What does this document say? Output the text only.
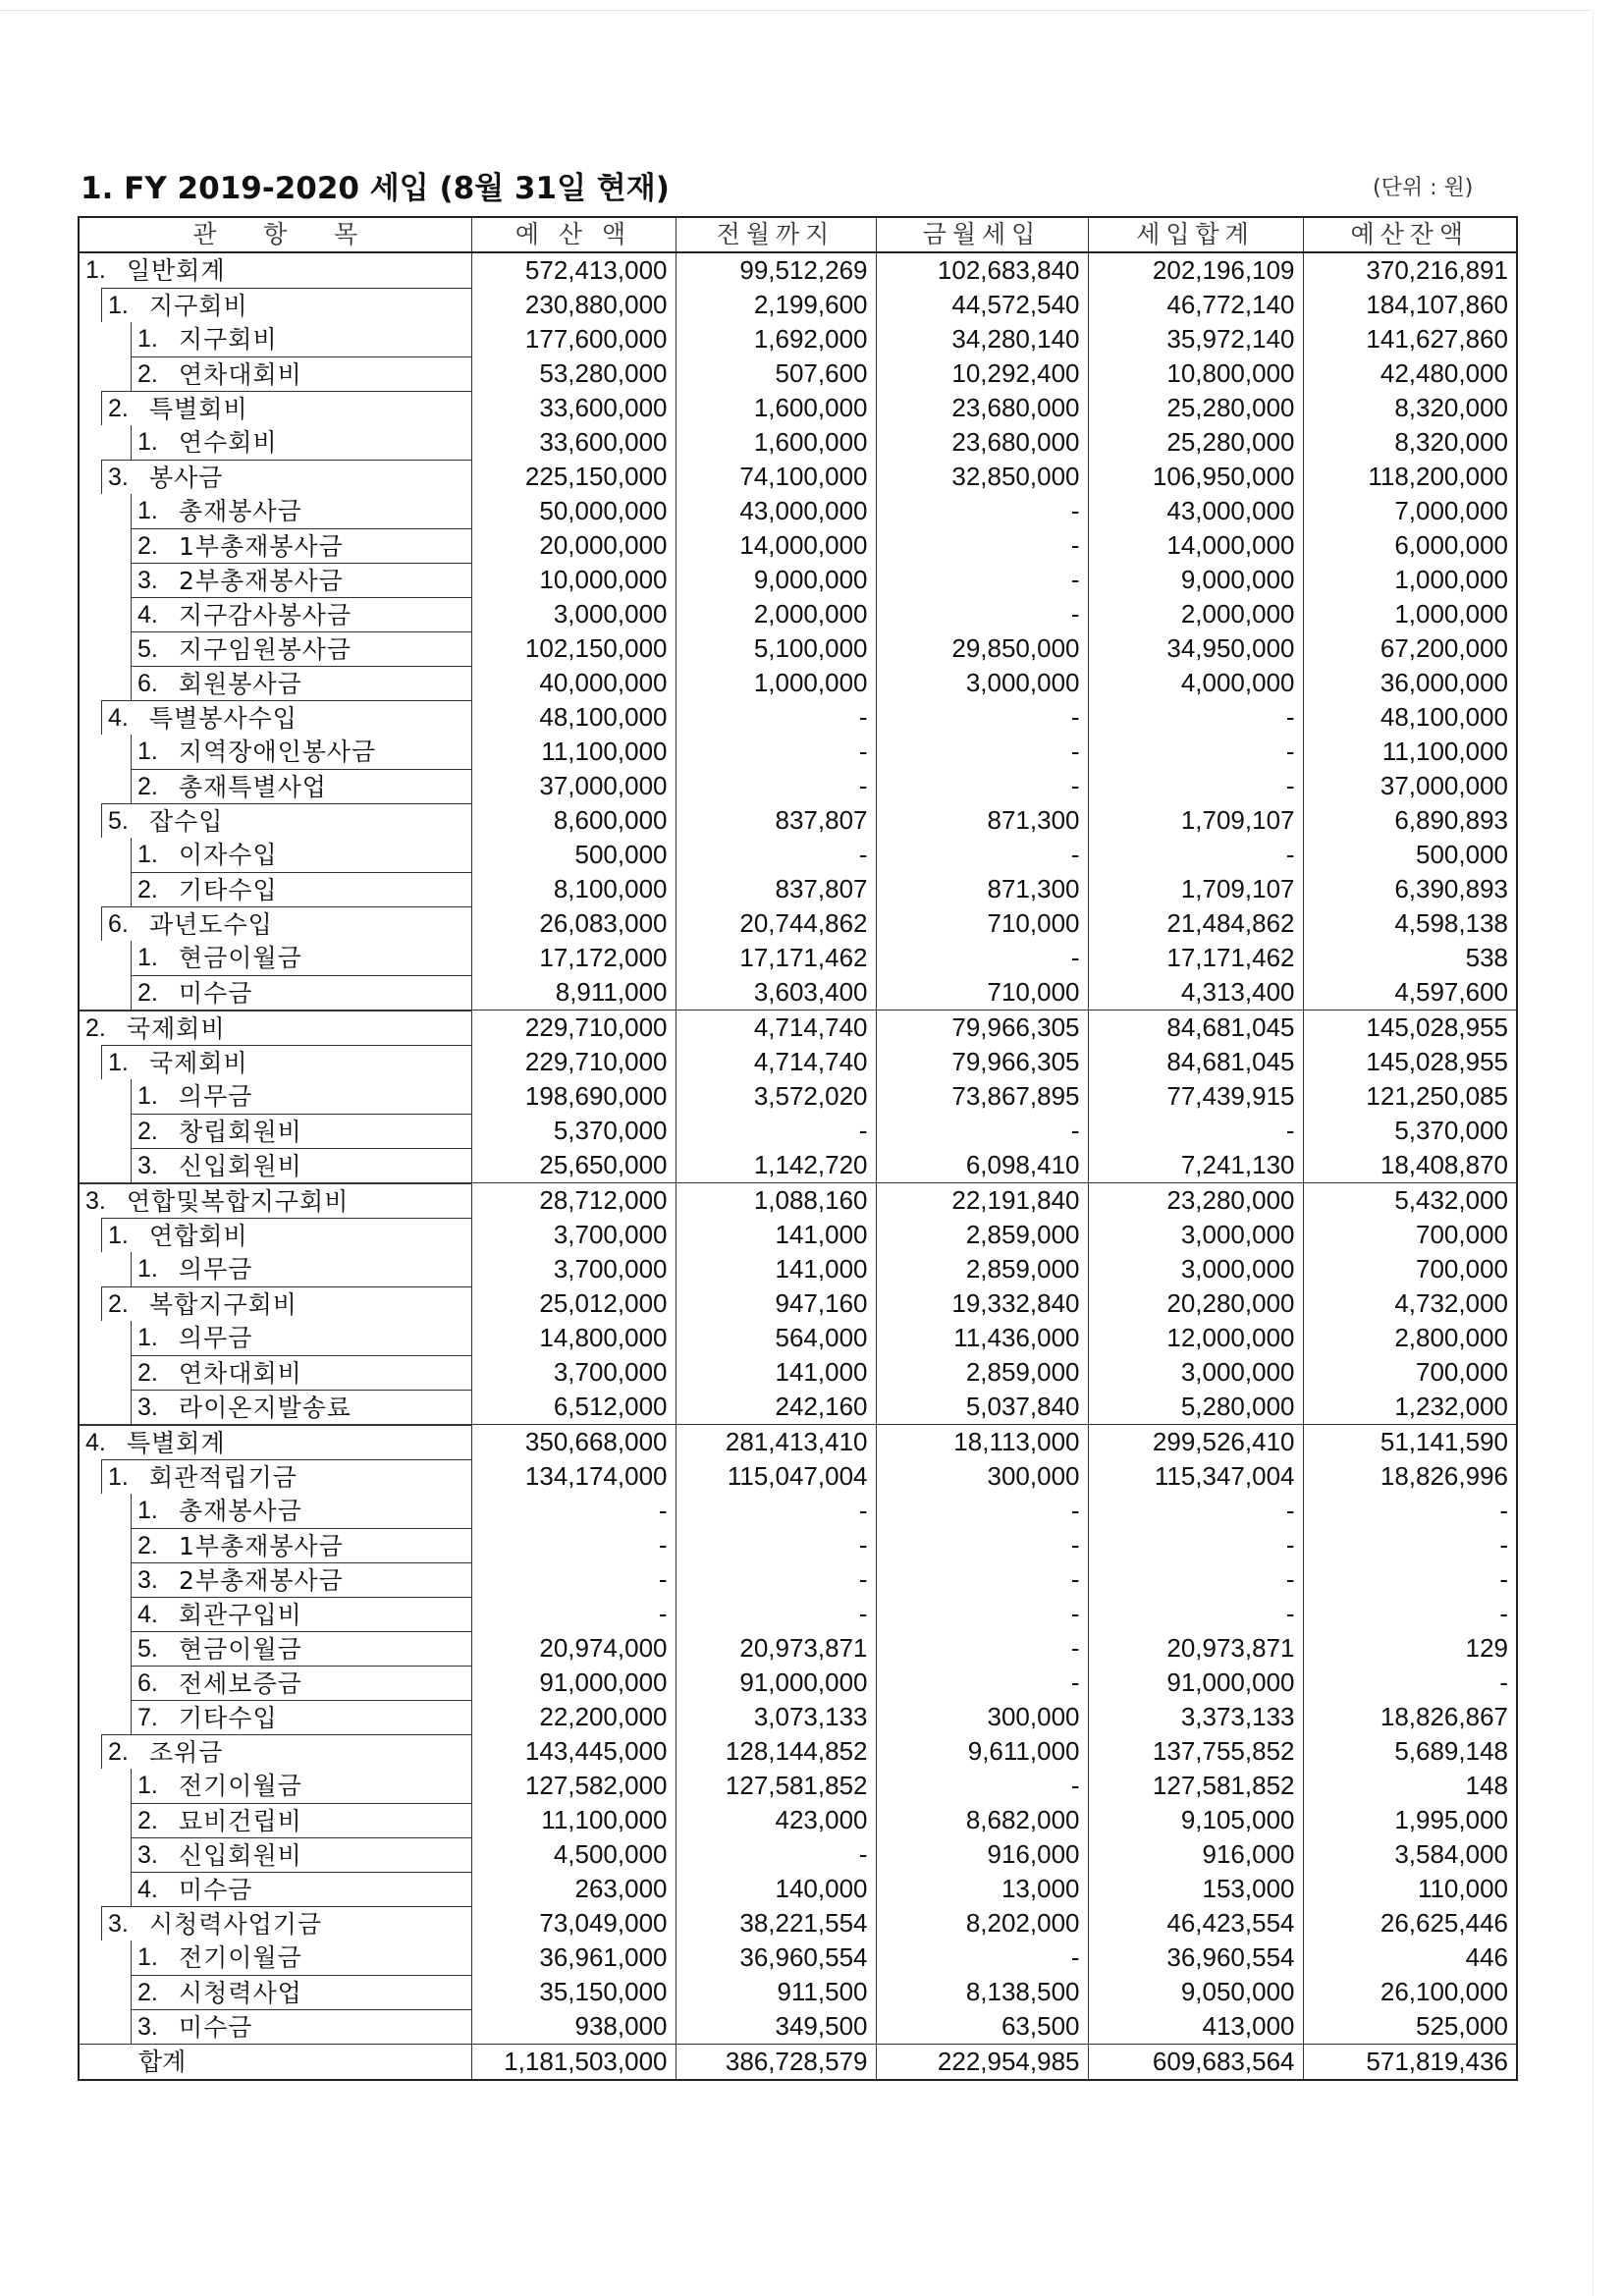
1. FY 2019-2020 세입 (8월 31일 현재)	(단위 : 원)
관      항      목	예 산 액	전월까지	금월세입	세입합계	예산잔액

1. 일반회계	572,413,000	99,512,269	102,683,840	202,196,109	370,216,891

1. 지구회비	230,880,000	2,199,600	44,572,540	46,772,140	184,107,860

1. 지구회비	177,600,000	1,692,000	34,280,140	35,972,140	141,627,860

2. 연차대회비	53,280,000	507,600	10,292,400	10,800,000	42,480,000

2. 특별회비	33,600,000	1,600,000	23,680,000	25,280,000	8,320,000

1. 연수회비	33,600,000	1,600,000	23,680,000	25,280,000	8,320,000

3. 봉사금	225,150,000	74,100,000	32,850,000	106,950,000	118,200,000

1. 총재봉사금	50,000,000	43,000,000	-	43,000,000	7,000,000

2. 1부총재봉사금	20,000,000	14,000,000	-	14,000,000	6,000,000

3. 2부총재봉사금	10,000,000	9,000,000	-	9,000,000	1,000,000

4. 지구감사봉사금	3,000,000	2,000,000	-	2,000,000	1,000,000

5. 지구임원봉사금	102,150,000	5,100,000	29,850,000	34,950,000	67,200,000

6. 회원봉사금	40,000,000	1,000,000	3,000,000	4,000,000	36,000,000

4. 특별봉사수입	48,100,000	-	-	-	48,100,000

1. 지역장애인봉사금	11,100,000	-	-	-	11,100,000

2. 총재특별사업	37,000,000	-	-	-	37,000,000

5. 잡수입	8,600,000	837,807	871,300	1,709,107	6,890,893

1. 이자수입	500,000	-	-	-	500,000

2. 기타수입	8,100,000	837,807	871,300	1,709,107	6,390,893

6. 과년도수입	26,083,000	20,744,862	710,000	21,484,862	4,598,138

1. 현금이월금	17,172,000	17,171,462	-	17,171,462	538

2. 미수금	8,911,000	3,603,400	710,000	4,313,400	4,597,600

2. 국제회비	229,710,000	4,714,740	79,966,305	84,681,045	145,028,955

1. 국제회비	229,710,000	4,714,740	79,966,305	84,681,045	145,028,955

1. 의무금	198,690,000	3,572,020	73,867,895	77,439,915	121,250,085

2. 창립회원비	5,370,000	-	-	-	5,370,000

3. 신입회원비	25,650,000	1,142,720	6,098,410	7,241,130	18,408,870

3. 연합및복합지구회비	28,712,000	1,088,160	22,191,840	23,280,000	5,432,000

1. 연합회비	3,700,000	141,000	2,859,000	3,000,000	700,000

1. 의무금	3,700,000	141,000	2,859,000	3,000,000	700,000

2. 복합지구회비	25,012,000	947,160	19,332,840	20,280,000	4,732,000

1. 의무금	14,800,000	564,000	11,436,000	12,000,000	2,800,000

2. 연차대회비	3,700,000	141,000	2,859,000	3,000,000	700,000

3. 라이온지발송료	6,512,000	242,160	5,037,840	5,280,000	1,232,000

4. 특별회계	350,668,000	281,413,410	18,113,000	299,526,410	51,141,590

1. 회관적립기금	134,174,000	115,047,004	300,000	115,347,004	18,826,996

1. 총재봉사금	-	-	-	-	-

2. 1부총재봉사금	-	-	-	-	-

3. 2부총재봉사금	-	-	-	-	-

4. 회관구입비	-	-	-	-	-

5. 현금이월금	20,974,000	20,973,871	-	20,973,871	129

6. 전세보증금	91,000,000	91,000,000	-	91,000,000	-

7. 기타수입	22,200,000	3,073,133	300,000	3,373,133	18,826,867

2. 조위금	143,445,000	128,144,852	9,611,000	137,755,852	5,689,148

1. 전기이월금	127,582,000	127,581,852	-	127,581,852	148

2. 묘비건립비	11,100,000	423,000	8,682,000	9,105,000	1,995,000

3. 신입회원비	4,500,000	-	916,000	916,000	3,584,000

4. 미수금	263,000	140,000	13,000	153,000	110,000

3. 시청력사업기금	73,049,000	38,221,554	8,202,000	46,423,554	26,625,446

1. 전기이월금	36,961,000	36,960,554	-	36,960,554	446

2. 시청력사업	35,150,000	911,500	8,138,500	9,050,000	26,100,000

3. 미수금	938,000	349,500	63,500	413,000	525,000

합계	1,181,503,000	386,728,579	222,954,985	609,683,564	571,819,436
